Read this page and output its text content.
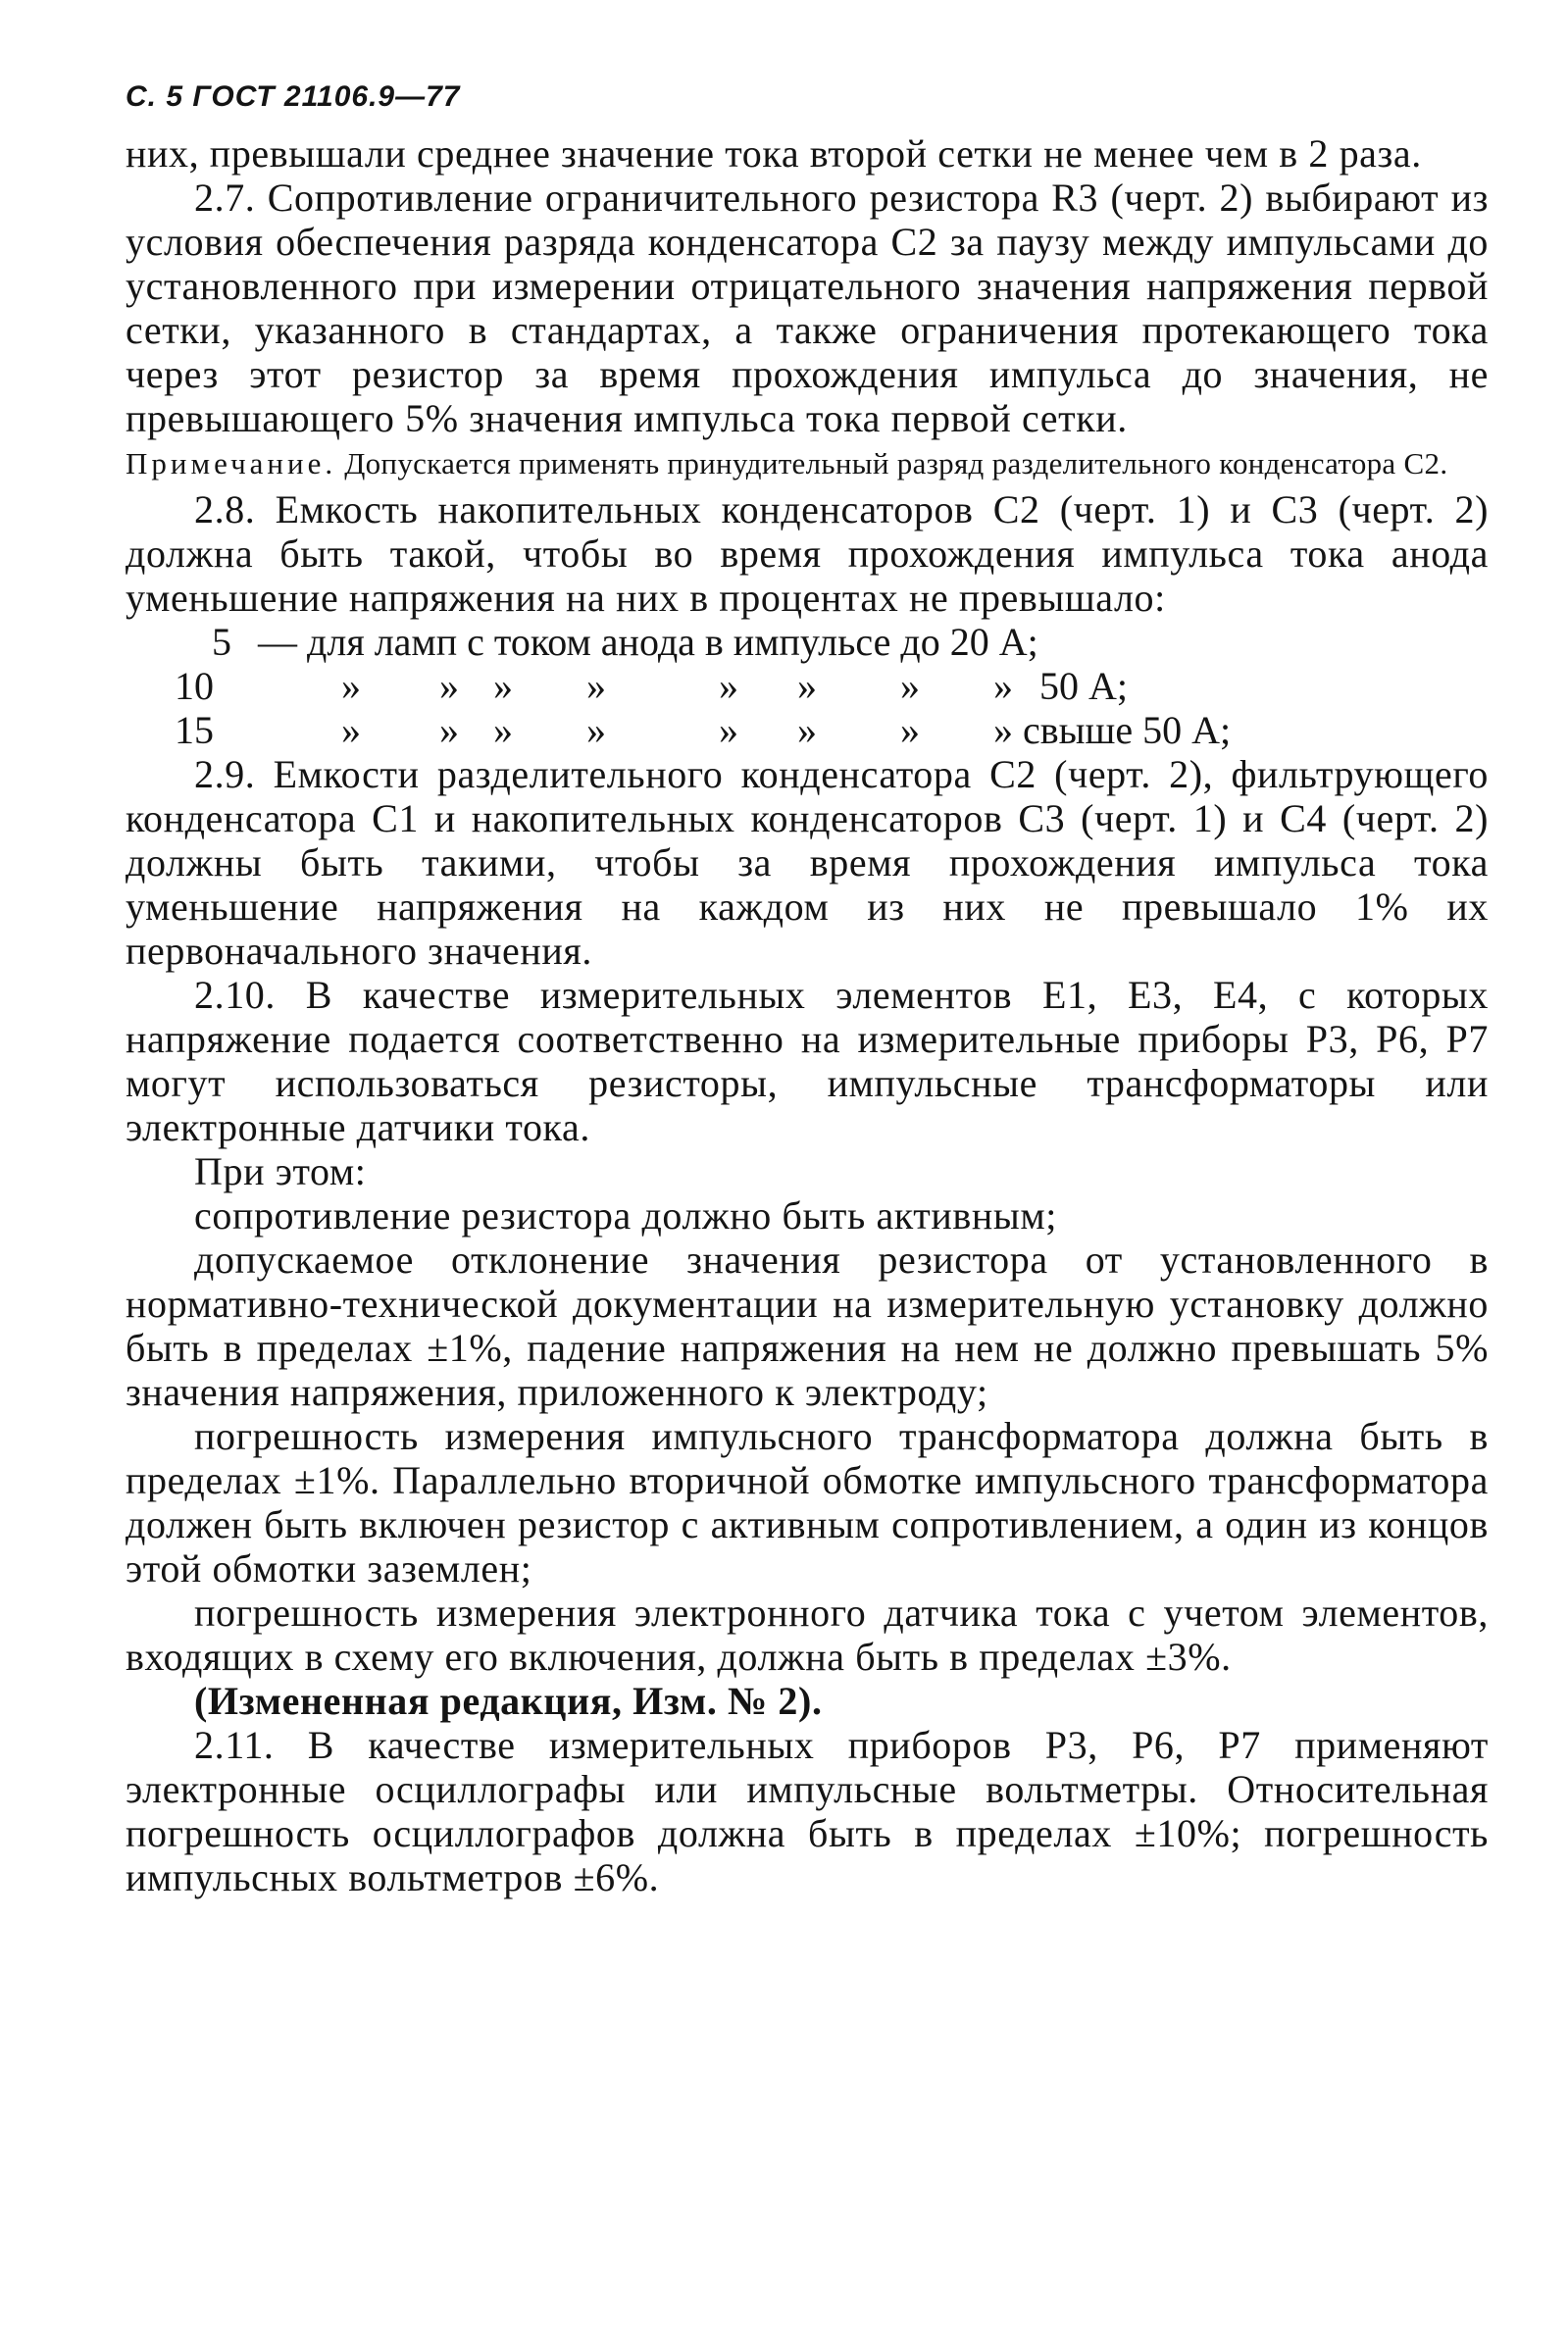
С. 5 ГОСТ 21106.9—77

них, превышали среднее значение тока второй сетки не менее чем в 2 раза.

2.7. Сопротивление ограничительного резистора R3 (черт. 2) выбирают из условия обеспечения разряда конденсатора C2 за паузу между импульсами до установленного при измерении отрицательного значения напряжения первой сетки, указанного в стандартах, а также ограничения протекающего тока через этот резистор за время прохождения импульса до значения, не превышающего 5% значения импульса тока первой сетки.

Примечание. Допускается применять принудительный разряд разделительного конденсатора C2.

2.8. Емкость накопительных конденсаторов C2 (черт. 1) и C3 (черт. 2) должна быть такой, чтобы во время прохождения импульса тока анода уменьшение напряжения на них в процентах не превышало:

5 — для ламп с током анода в импульсе до 20 А;
10	» » » »	» » » » 50 А;
15	» » » »	» » » » свыше 50 А;

2.9. Емкости разделительного конденсатора C2 (черт. 2), фильтрующего конденсатора C1 и накопительных конденсаторов C3 (черт. 1) и C4 (черт. 2) должны быть такими, чтобы за время прохождения импульса тока уменьшение напряжения на каждом из них не превышало 1% их первоначального значения.

2.10. В качестве измерительных элементов E1, E3, E4, с которых напряжение подается соответственно на измерительные приборы P3, P6, P7 могут использоваться резисторы, импульсные трансформаторы или электронные датчики тока.

При этом:

сопротивление резистора должно быть активным;

допускаемое отклонение значения резистора от установленного в нормативно-технической документации на измерительную установку должно быть в пределах ±1%, падение напряжения на нем не должно превышать 5% значения напряжения, приложенного к электроду;

погрешность измерения импульсного трансформатора должна быть в пределах ±1%. Параллельно вторичной обмотке импульсного трансформатора должен быть включен резистор с активным сопротивлением, а один из концов этой обмотки заземлен;

погрешность измерения электронного датчика тока с учетом элементов, входящих в схему его включения, должна быть в пределах ±3%.

(Измененная редакция, Изм. № 2).

2.11. В качестве измерительных приборов P3, P6, P7 применяют электронные осциллографы или импульсные вольтметры. Относительная погрешность осциллографов должна быть в пределах ±10%; погрешность импульсных вольтметров ±6%.
